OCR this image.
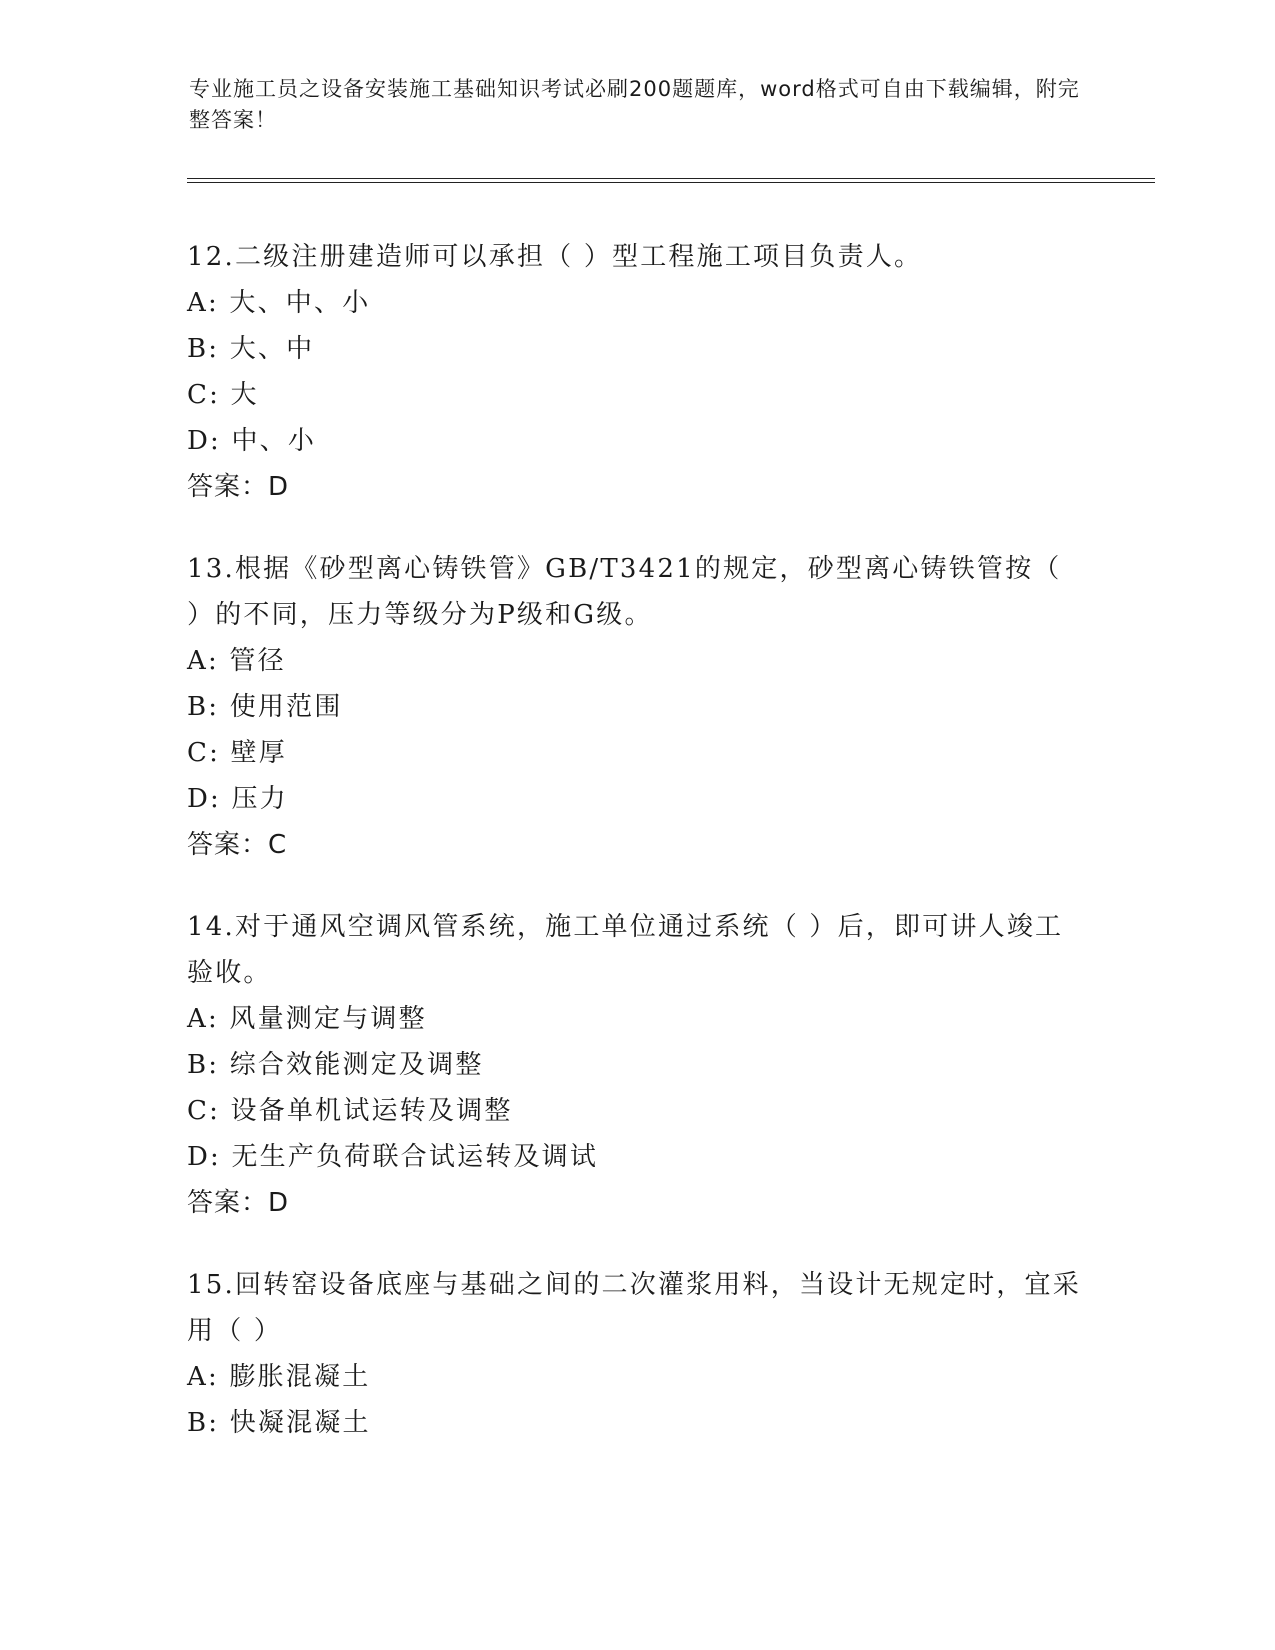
专业施工员之设备安装施工基础知识考试必刷200题题库，word格式可自由下载编辑，附完整答案！
12.二级注册建造师可以承担（ ）型工程施工项目负责人。
A: 大、中、小
B: 大、中
C: 大
D: 中、小
答案：D
13.根据《砂型离心铸铁管》GB/T3421的规定，砂型离心铸铁管按（ ）的不同，压力等级分为P级和G级。
A: 管径
B: 使用范围
C: 壁厚
D: 压力
答案：C
14.对于通风空调风管系统，施工单位通过系统（ ）后，即可讲人竣工验收。
A: 风量测定与调整
B: 综合效能测定及调整
C: 设备单机试运转及调整
D: 无生产负荷联合试运转及调试
答案：D
15.回转窑设备底座与基础之间的二次灌浆用料，当设计无规定时，宜采用（ ）
A: 膨胀混凝土
B: 快凝混凝土
